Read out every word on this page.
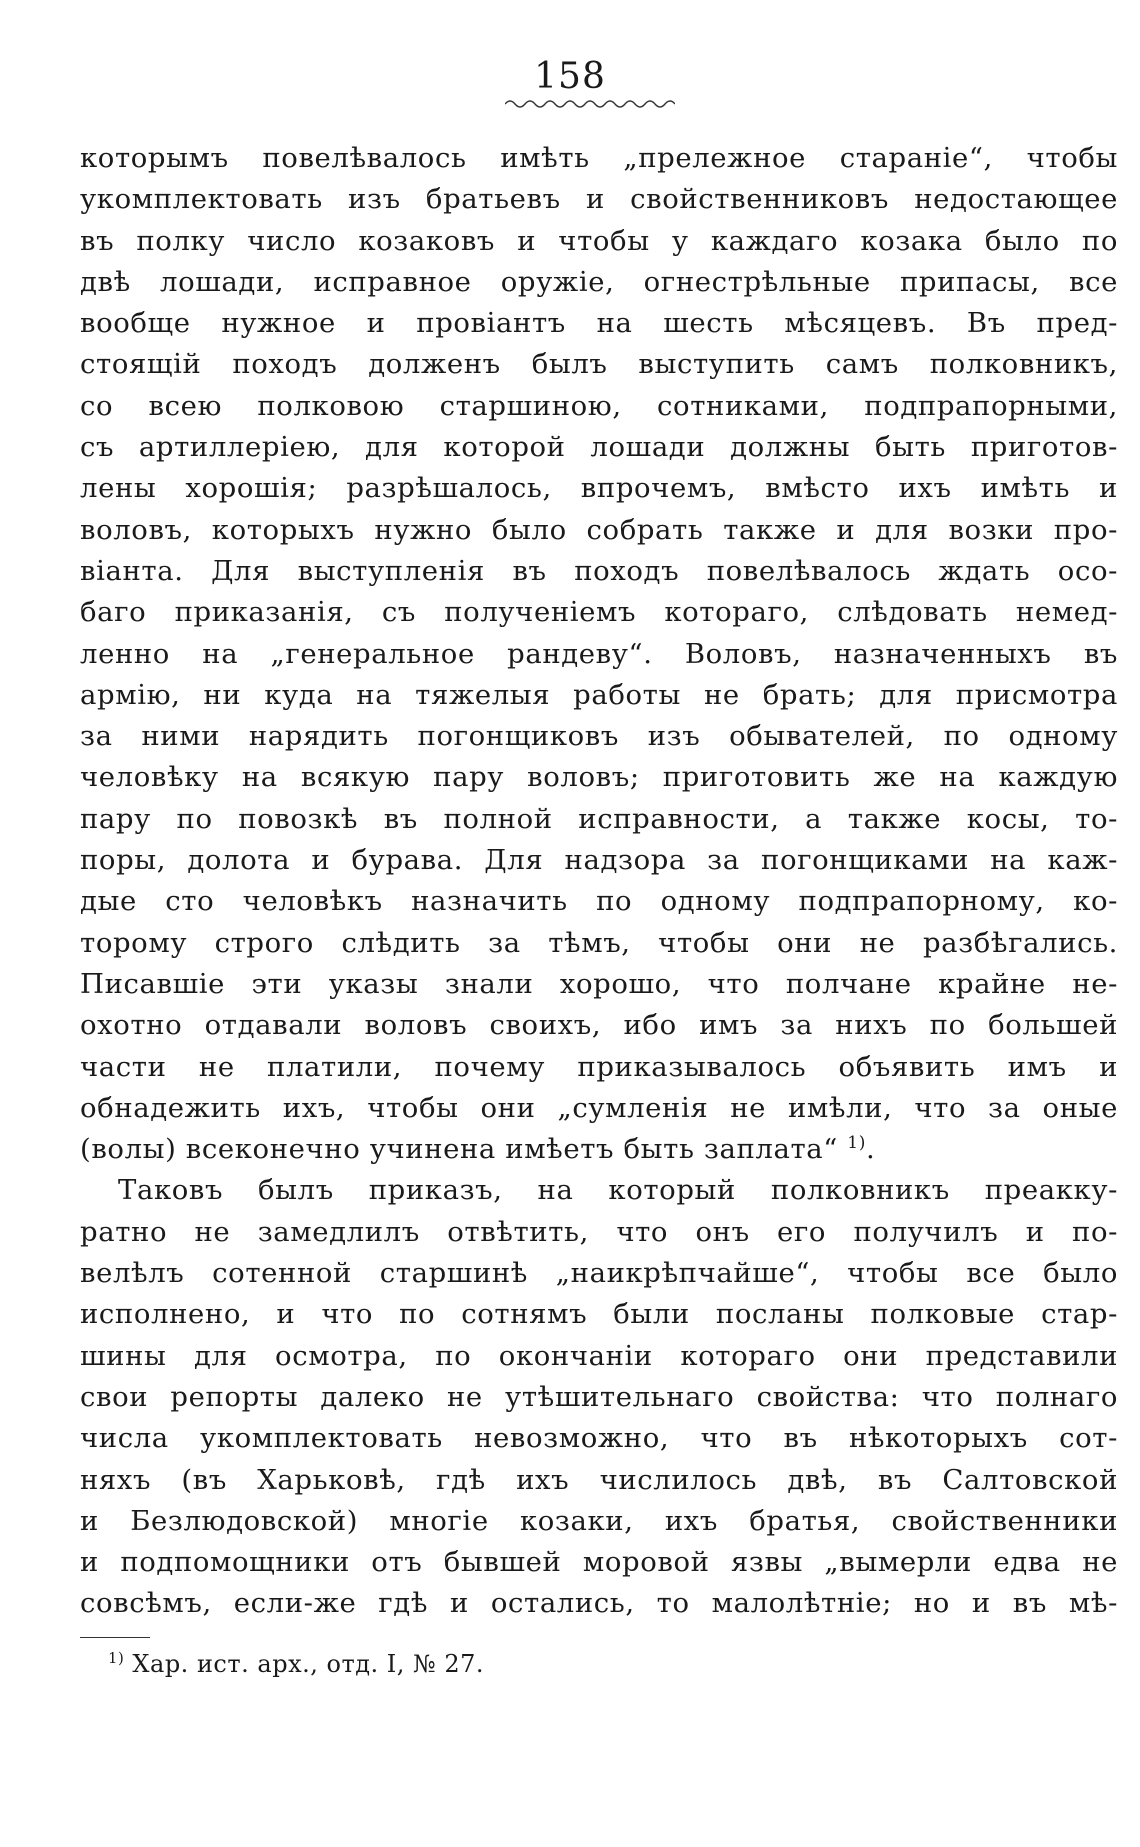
158
которымъ повелѣвалось имѣть „прележное стараніе“, чтобы
укомплектовать изъ братьевъ и свойственниковъ недостающее
въ полку число козаковъ и чтобы у каждаго козака было по
двѣ лошади, исправное оружіе, огнестрѣльные припасы, все
вообще нужное и провіантъ на шесть мѣсяцевъ. Въ пред-
стоящій походъ долженъ былъ выступить самъ полковникъ,
со всею полковою старшиною, сотниками, подпрапорными,
съ артиллеріею, для которой лошади должны быть приготов-
лены хорошія; разрѣшалось, впрочемъ, вмѣсто ихъ имѣть и
воловъ, которыхъ нужно было собрать также и для возки про-
віанта. Для выступленія въ походъ повелѣвалось ждать осо-
баго приказанія, съ полученіемъ котораго, слѣдовать немед-
ленно на „генеральное рандеву“. Воловъ, назначенныхъ въ
армію, ни куда на тяжелыя работы не брать; для присмотра
за ними нарядить погонщиковъ изъ обывателей, по одному
человѣку на всякую пару воловъ; приготовить же на каждую
пару по повозкѣ въ полной исправности, а также косы, то-
поры, долота и бурава. Для надзора за погонщиками на каж-
дые сто человѣкъ назначить по одному подпрапорному, ко-
торому строго слѣдить за тѣмъ, чтобы они не разбѣгались.
Писавшіе эти указы знали хорошо, что полчане крайне не-
охотно отдавали воловъ своихъ, ибо имъ за нихъ по большей
части не платили, почему приказывалось объявить имъ и
обнадежить ихъ, чтобы они „сумленія не имѣли, что за оные
(волы) всеконечно учинена имѣетъ быть заплата“ $^{1)}$.
Таковъ былъ приказъ, на который полковникъ преакку-
ратно не замедлилъ отвѣтить, что онъ его получилъ и по-
велѣлъ сотенной старшинѣ „наикрѣпчайше“, чтобы все было
исполнено, и что по сотнямъ были посланы полковые стар-
шины для осмотра, по окончаніи котораго они представили
свои репорты далеко не утѣшительнаго свойства: что полнаго
числа укомплектовать невозможно, что въ нѣкоторыхъ сот-
няхъ (въ Харьковѣ, гдѣ ихъ числилось двѣ, въ Салтовской
и Безлюдовской) многіе козаки, ихъ братья, свойственники
и подпомощники отъ бывшей моровой язвы „вымерли едва не
совсѣмъ, если-же гдѣ и остались, то малолѣтніе; но и въ мѣ-
$^{1)}$ Хар. ист. арх., отд. I, № 27.
